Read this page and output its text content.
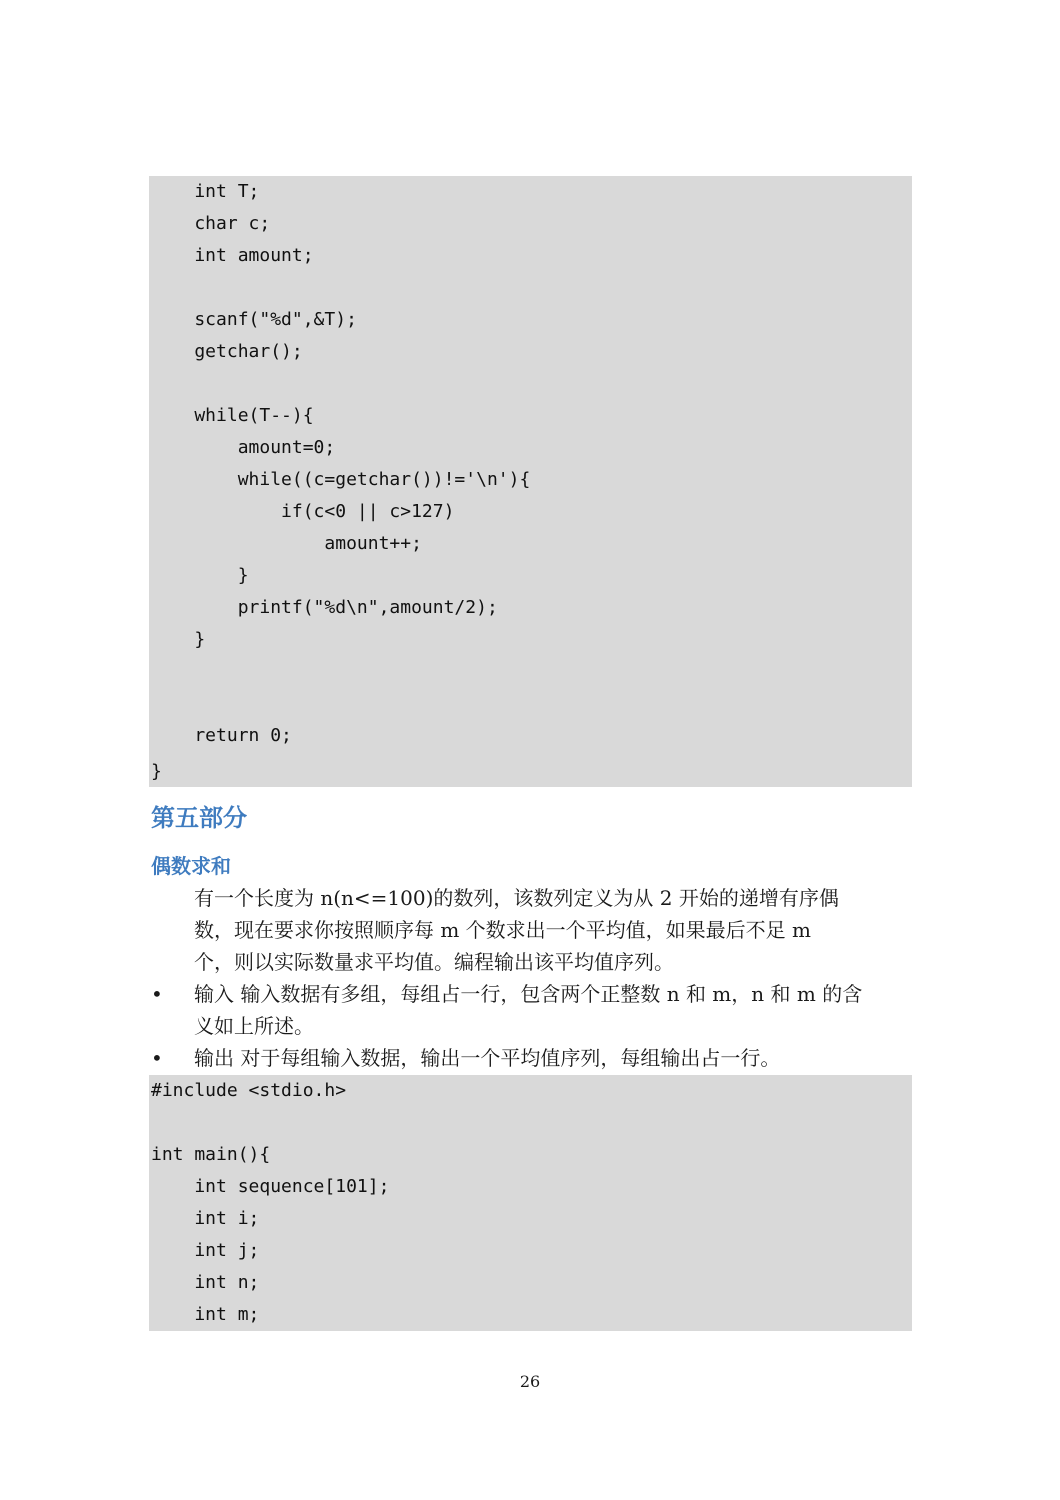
int T;
char c;
int amount;
scanf("%d",&T);
getchar();
while(T--){
amount=0;
while((c=getchar())!='\n'){
if(c<0 || c>127)
amount++;
}
printf("%d\n",amount/2);
}
return 0;
}
第五部分
偶数求和
有一个长度为 n(n<=100)的数列，该数列定义为从 2 开始的递增有序偶
数，现在要求你按照顺序每 m 个数求出一个平均值，如果最后不足 m
个，则以实际数量求平均值。编程输出该平均值序列。
• 输入 输入数据有多组，每组占一行，包含两个正整数 n 和 m，n 和 m 的含
义如上所述。
• 输出 对于每组输入数据，输出一个平均值序列，每组输出占一行。
#include <stdio.h>
int main(){
int sequence[101];
int i;
int j;
int n;
int m;
26
